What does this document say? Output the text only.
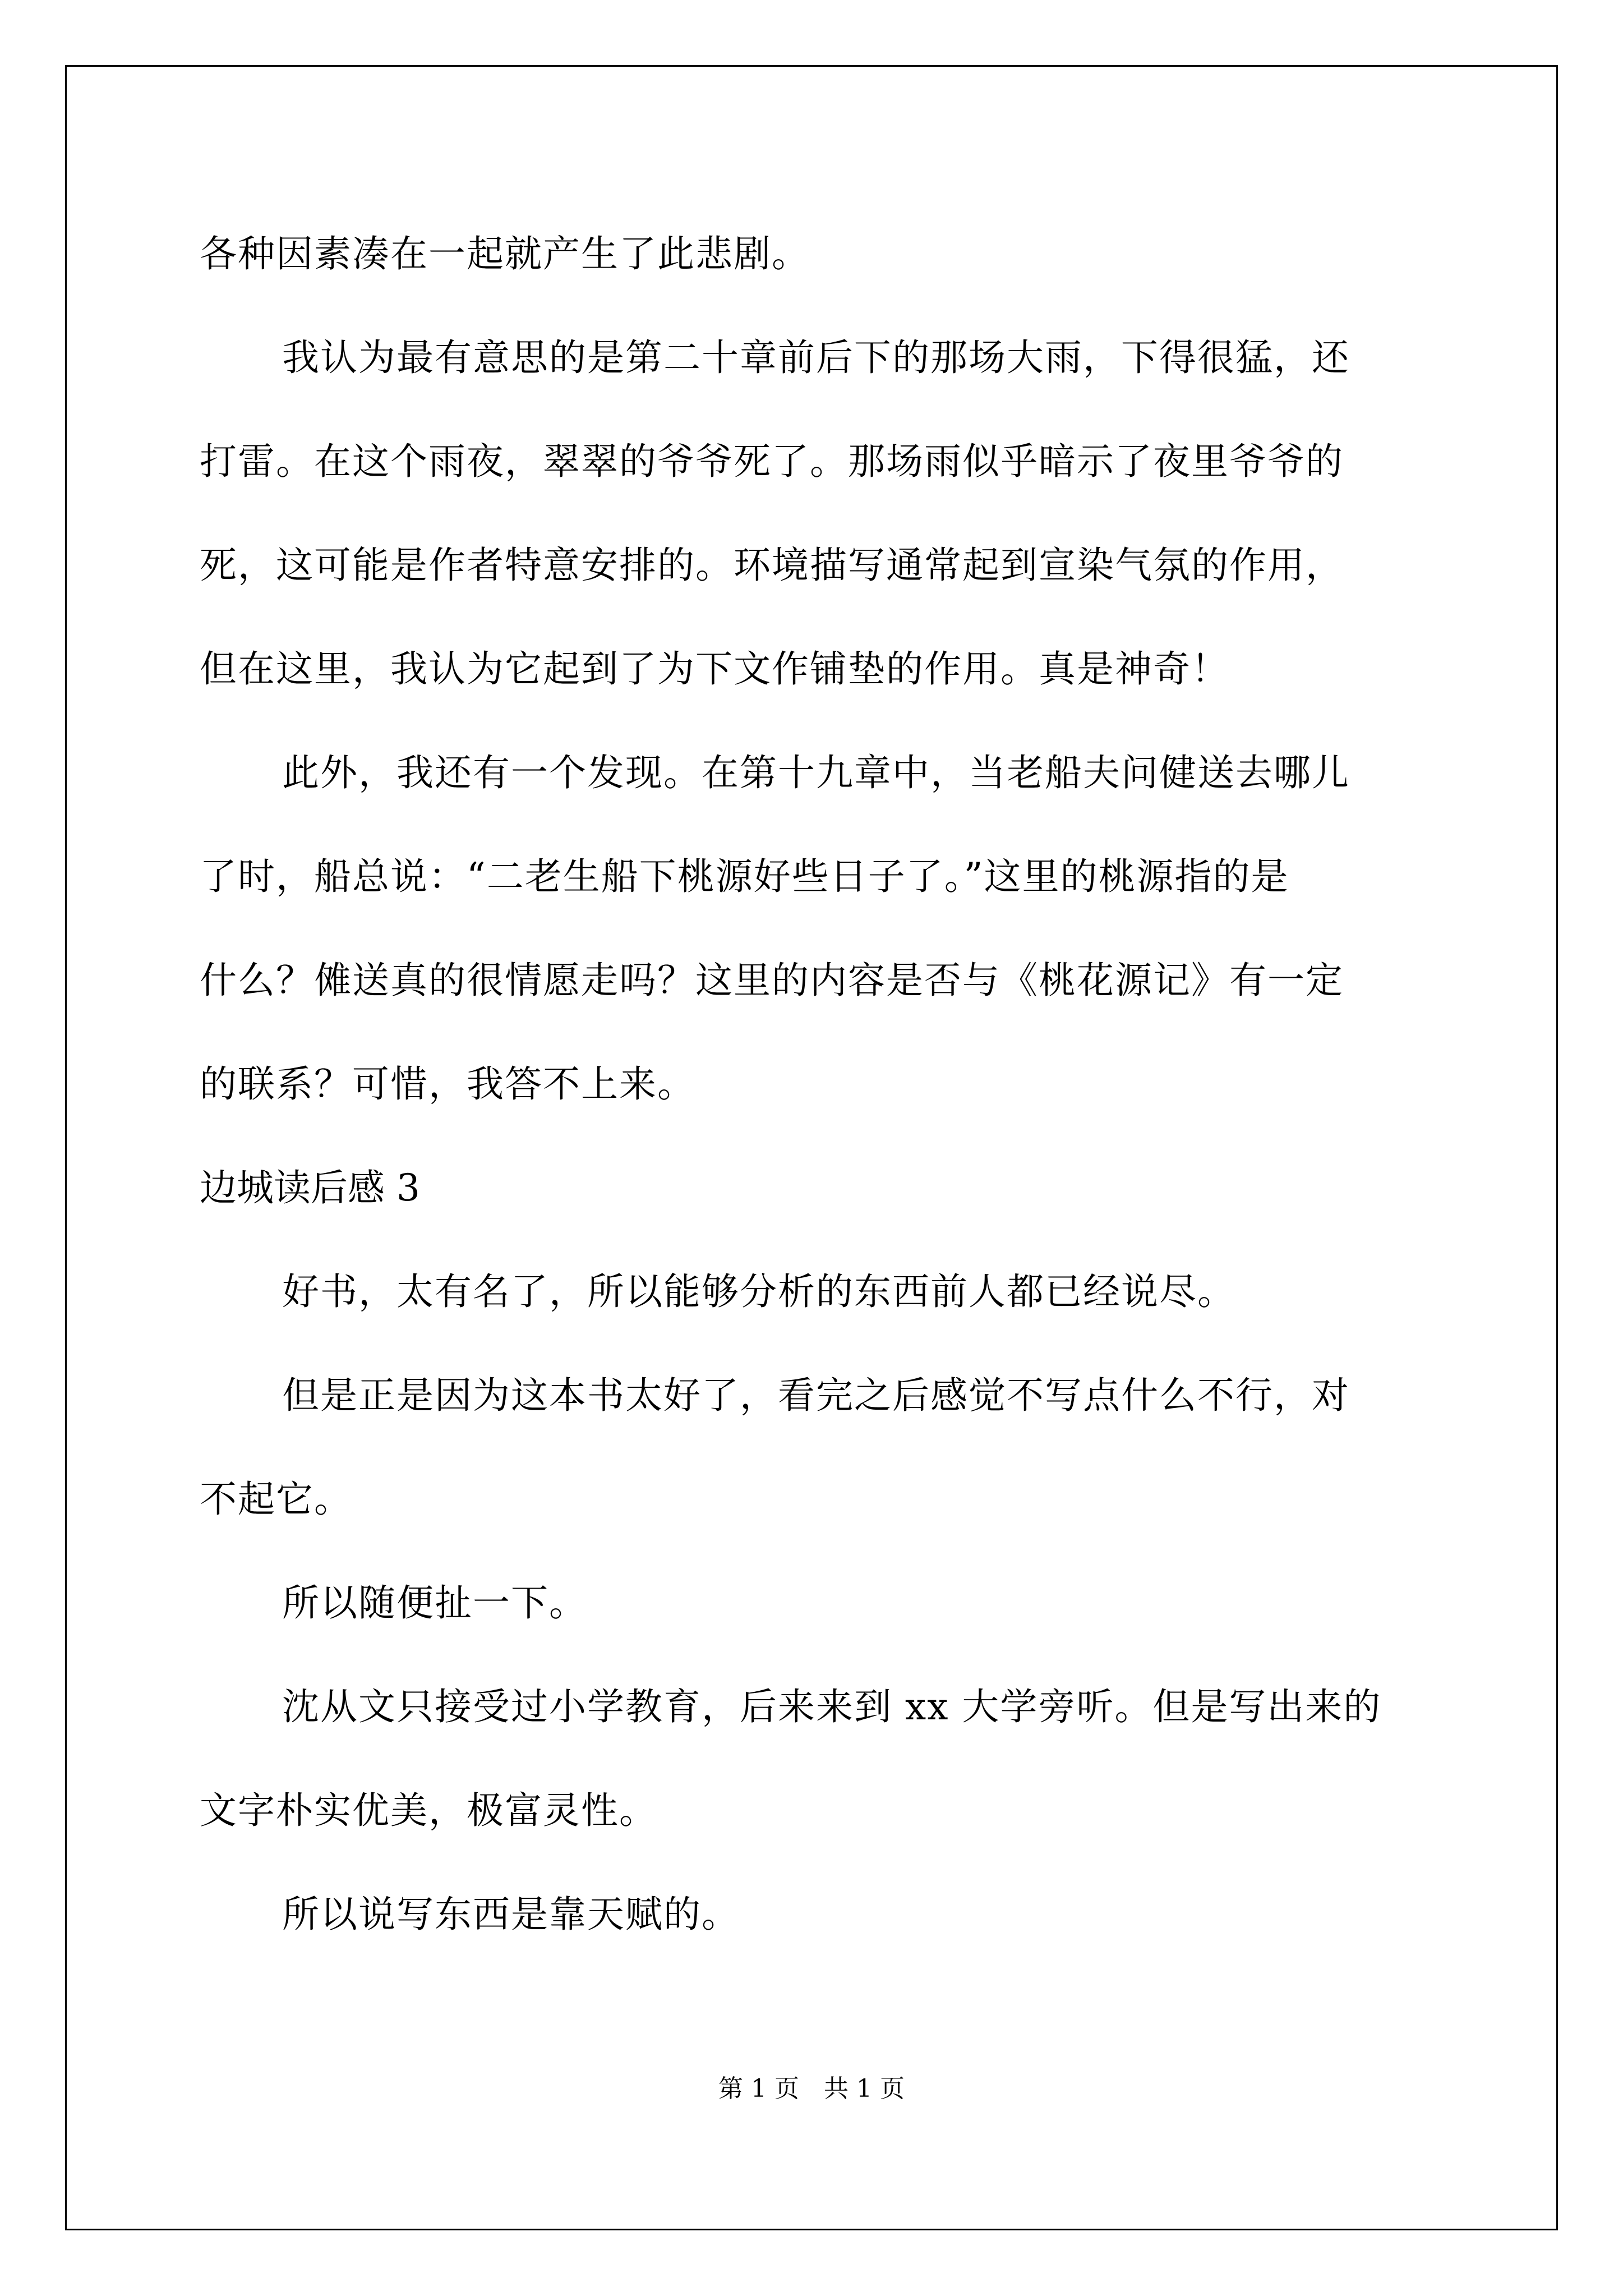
各种因素凑在一起就产生了此悲剧。
我认为最有意思的是第二十章前后下的那场大雨，下得很猛，还
打雷。在这个雨夜，翠翠的爷爷死了。那场雨似乎暗示了夜里爷爷的
死，这可能是作者特意安排的。环境描写通常起到宣染气氛的作用，
但在这里，我认为它起到了为下文作铺垫的作用。真是神奇！
此外，我还有一个发现。在第十九章中，当老船夫问健送去哪儿
了时，船总说：“二老生船下桃源好些日子了。”这里的桃源指的是
什么？傩送真的很情愿走吗？这里的内容是否与《桃花源记》有一定
的联系？可惜，我答不上来。
边城读后感 3
好书，太有名了，所以能够分析的东西前人都已经说尽。
但是正是因为这本书太好了，看完之后感觉不写点什么不行，对
不起它。
所以随便扯一下。
沈从文只接受过小学教育，后来来到 xx 大学旁听。但是写出来的
文字朴实优美，极富灵性。
所以说写东西是靠天赋的。
第 1 页　共 1 页
